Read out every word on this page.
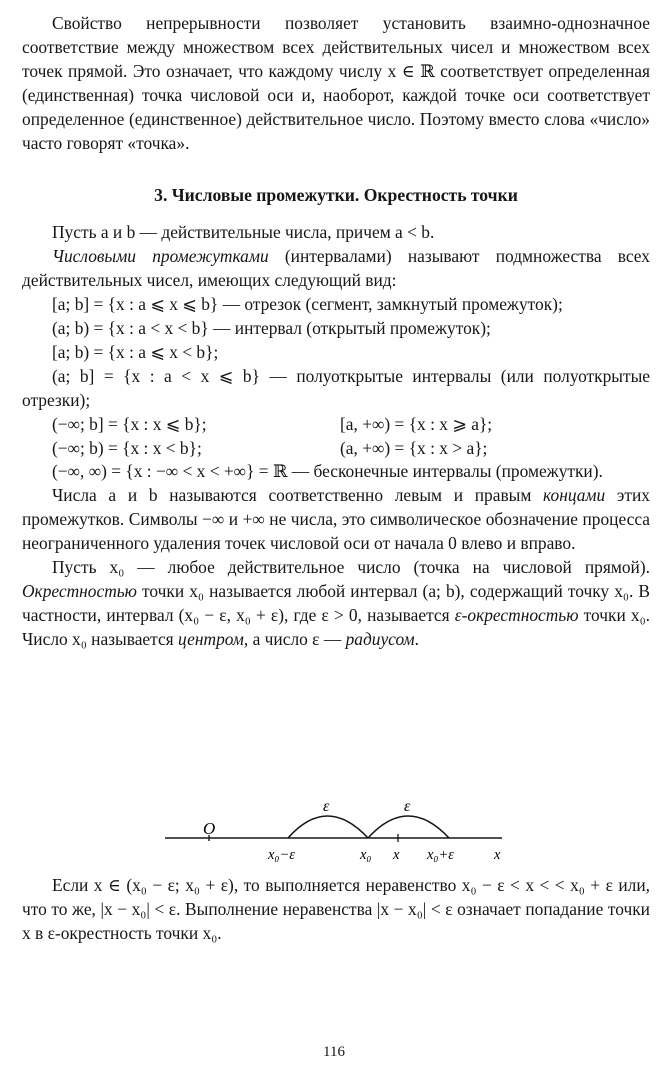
Свойство непрерывности позволяет установить взаимно-однозначное соответствие между множеством всех действительных чисел и множеством всех точек прямой. Это означает, что каждому числу x ∈ ℝ соответствует определенная (единственная) точка числовой оси и, наоборот, каждой точке оси соответствует определенное (единственное) действительное число. Поэтому вместо слова «число» часто говорят «точка».

3. Числовые промежутки. Окрестность точки

Пусть a и b — действительные числа, причем a < b.

Числовыми промежутками (интервалами) называют подмножества всех действительных чисел, имеющих следующий вид:

[a; b] = {x : a ⩽ x ⩽ b} — отрезок (сегмент, замкнутый промежуток);

(a; b) = {x : a < x < b} — интервал (открытый промежуток);

[a; b) = {x : a ⩽ x < b};

(a; b] = {x : a < x ⩽ b} — полуоткрытые интервалы (или полуоткрытые отрезки);

(−∞; b] = {x : x ⩽ b};	[a, +∞) = {x : x ⩾ a};
(−∞; b) = {x : x < b};	(a, +∞) = {x : x > a};

(−∞, ∞) = {x : −∞ < x < +∞} = ℝ — бесконечные интервалы (промежутки).

Числа a и b называются соответственно левым и правым концами этих промежутков. Символы −∞ и +∞ не числа, это символическое обозначение процесса неограниченного удаления точек числовой оси от начала 0 влево и вправо.

Пусть x₀ — любое действительное число (точка на числовой прямой). Окрестностью точки x₀ называется любой интервал (a; b), содержащий точку x₀. В частности, интервал (x₀ − ε, x₀ + ε), где ε > 0, называется ε-окрестностью точки x₀. Число x₀ называется центром, а число ε — радиусом.

O
ε	ε
x₀−ε	x₀ x x₀+ε	x

Если x ∈ (x₀ − ε; x₀ + ε), то выполняется неравенство x₀ − ε < x < < x₀ + ε или, что то же, |x − x₀| < ε. Выполнение неравенства |x − x₀| < ε означает попадание точки x в ε-окрестность точки x₀.

116
